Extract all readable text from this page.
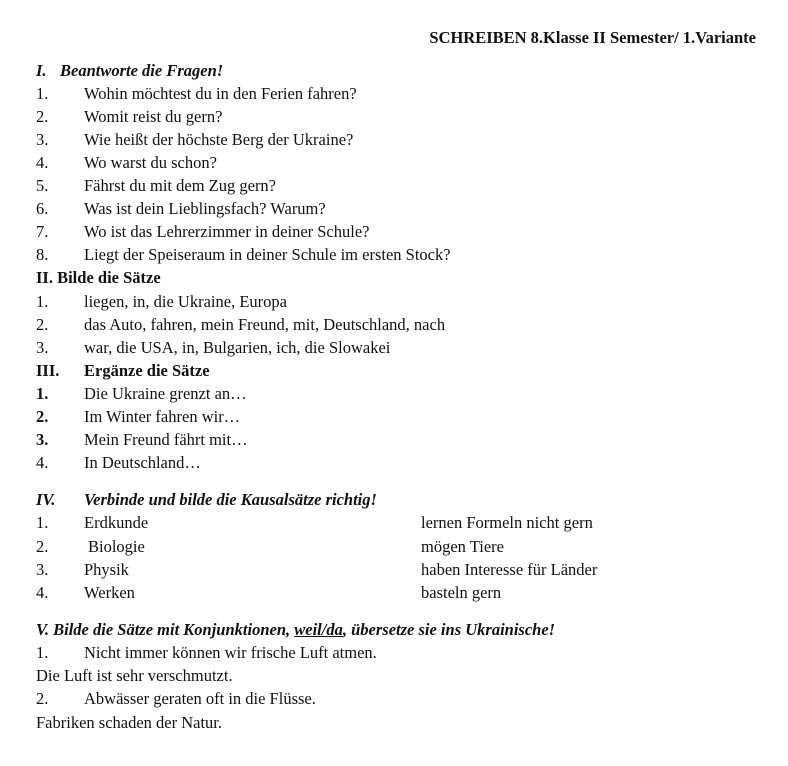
SCHREIBEN 8.Klasse II Semester/ 1.Variante
I. Beantworte die Fragen!
1.	Wohin möchtest du in den Ferien fahren?
2.	Womit reist du gern?
3.	Wie heißt der höchste Berg der Ukraine?
4.	Wo warst du schon?
5.	Fährst du mit dem Zug gern?
6.	Was ist dein Lieblingsfach? Warum?
7.	Wo ist das Lehrerzimmer in deiner Schule?
8.	Liegt der Speiseraum in deiner Schule im ersten Stock?
II. Bilde die Sätze
1.	liegen, in, die Ukraine, Europa
2.	das Auto, fahren, mein Freund, mit, Deutschland, nach
3.	war, die USA, in, Bulgarien, ich, die Slowakei
III.	Ergänze die Sätze
1.	Die Ukraine grenzt an…
2.	Im Winter fahren wir…
3.	Mein Freund fährt mit…
4.	In Deutschland…
IV.	Verbinde und bilde die Kausalsätze richtig!
1.	Erdkunde	lernen Formeln nicht gern
2.	Biologie	mögen Tiere
3.	Physik	haben Interesse für Länder
4.	Werken	basteln gern
V. Bilde die Sätze mit Konjunktionen, weil/da, übersetze sie ins Ukrainische!
1.	Nicht immer können wir frische Luft atmen.
Die Luft ist sehr verschmutzt.
2.	Abwässer geraten oft in die Flüsse.
Fabriken schaden der Natur.
